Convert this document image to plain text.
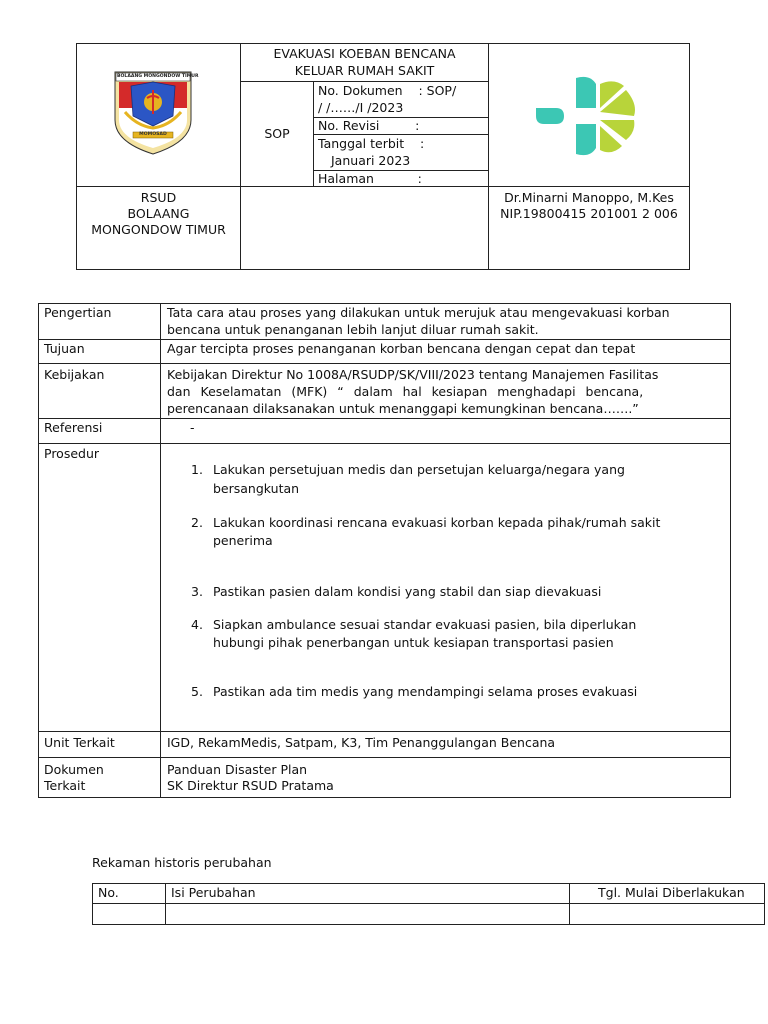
BOLAANG MONGONDOW TIMUR
MOMOSAD
EVAKUASI KOEBAN BENCANA
KELUAR RUMAH SAKIT
SOP
No. Dokumen    : SOP/
/ /……/I /2023
No. Revisi         :
Tanggal terbit    :
Januari 2023
Halaman           :
RSUD
BOLAANG
MONGONDOW TIMUR
Dr.Minarni Manoppo, M.Kes
NIP.19800415 201001 2 006
Pengertian
Tujuan
Kebijakan
Referensi
Prosedur
Unit Terkait
Dokumen
Terkait
Tata cara atau proses yang dilakukan untuk merujuk atau mengevakuasi korban
bencana untuk penanganan lebih lanjut diluar rumah sakit.
Agar tercipta proses penanganan korban bencana dengan cepat dan tepat
Kebijakan Direktur No 1008A/RSUDP/SK/VIII/2023 tentang Manajemen Fasilitas
dan Keselamatan (MFK) “ dalam hal kesiapan menghadapi bencana,
perencanaan dilaksanakan untuk menanggapi kemungkinan bencana…….”
-
1. Lakukan persetujuan medis dan persetujan keluarga/negara yang
bersangkutan
2. Lakukan koordinasi rencana evakuasi korban kepada pihak/rumah sakit
penerima
3. Pastikan pasien dalam kondisi yang stabil dan siap dievakuasi
4. Siapkan ambulance sesuai standar evakuasi pasien, bila diperlukan
hubungi pihak penerbangan untuk kesiapan transportasi pasien
5. Pastikan ada tim medis yang mendampingi selama proses evakuasi
IGD, RekamMedis, Satpam, K3, Tim Penanggulangan Bencana
Panduan Disaster Plan
SK Direktur RSUD Pratama
Rekaman historis perubahan
No.	Isi Perubahan	Tgl. Mulai Diberlakukan
